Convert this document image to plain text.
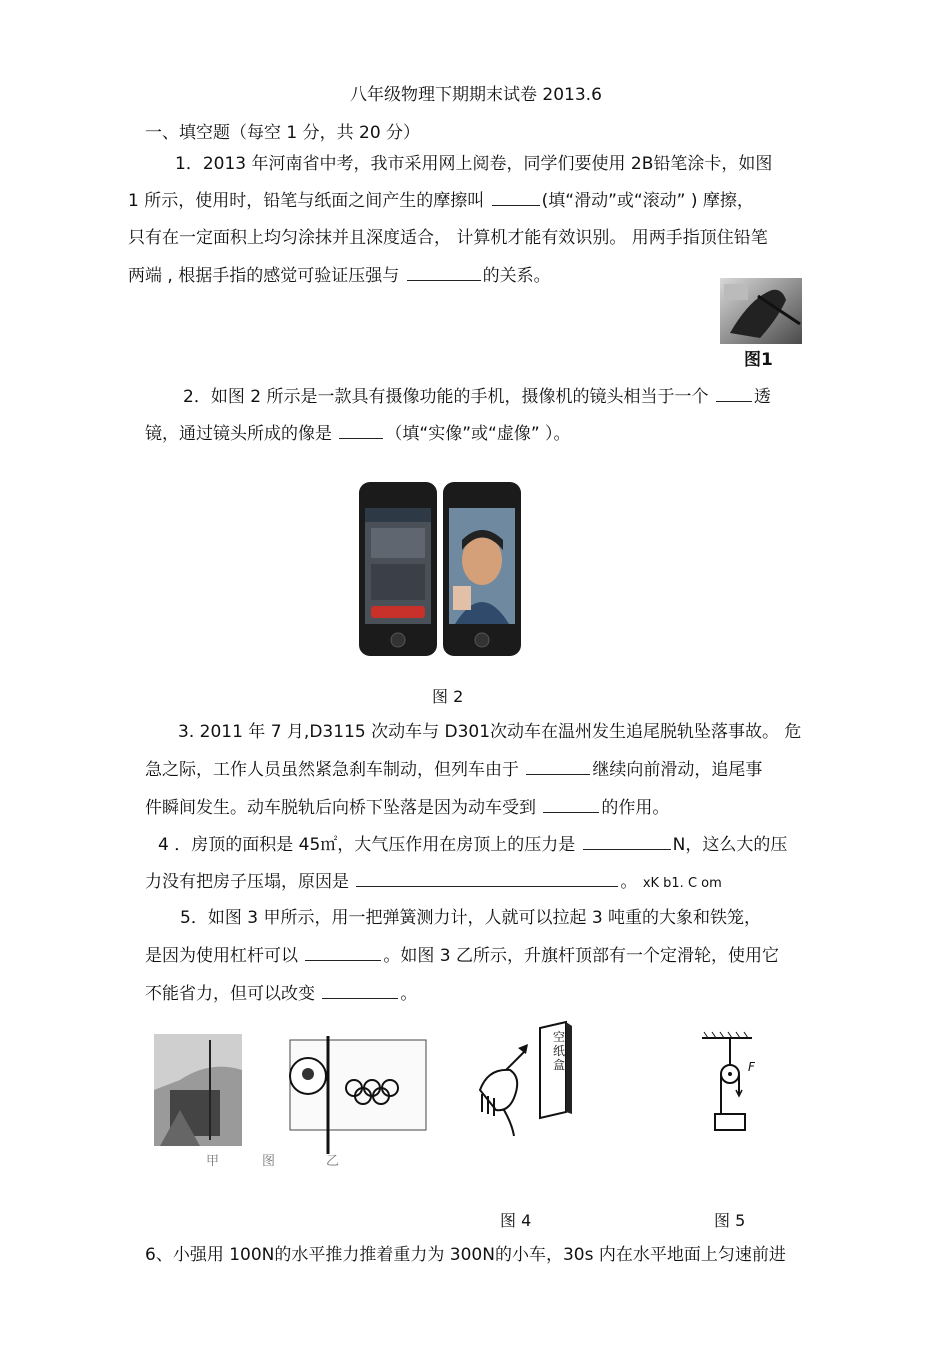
八年级物理下期期末试卷 2013.6
一、填空题（每空 1 分，共 20 分）
1．2013 年河南省中考，我市采用网上阅卷，同学们要使用 2B铅笔涂卡，如图
1 所示，使用时，铅笔与纸面之间产生的摩擦叫	(填“滑动”或“滚动” ) 摩擦，
只有在一定面积上均匀涂抹并且深度适合， 计算机才能有效识别。 用两手指顶住铅笔
两端 , 根据手指的感觉可验证压强与	的关系。
图1
2．如图 2 所示是一款具有摄像功能的手机，摄像机的镜头相当于一个 透
镜，通过镜头所成的像是	（填“实像”或“虚像” ）。
图 2
3. 2011 年 7 月,D3115 次动车与 D301次动车在温州发生追尾脱轨坠落事故。 危
急之际，工作人员虽然紧急刹车制动，但列车由于	继续向前滑动，追尾事
件瞬间发生。动车脱轨后向桥下坠落是因为动车受到	的作用。
4 ．房顶的面积是 45㎡，大气压作用在房顶上的压力是	N，这么大的压
力没有把房子压塌，原因是	。 xK b1. C om
5．如图 3 甲所示，用一把弹簧测力计，人就可以拉起 3 吨重的大象和铁笼，
是因为使用杠杆可以	。如图 3 乙所示，升旗杆顶部有一个定滑轮，使用它
不能省力，但可以改变	。
甲	图	乙
空纸盒	F
图 4	图 5
6、小强用 100N的水平推力推着重力为 300N的小车，30s 内在水平地面上匀速前进
